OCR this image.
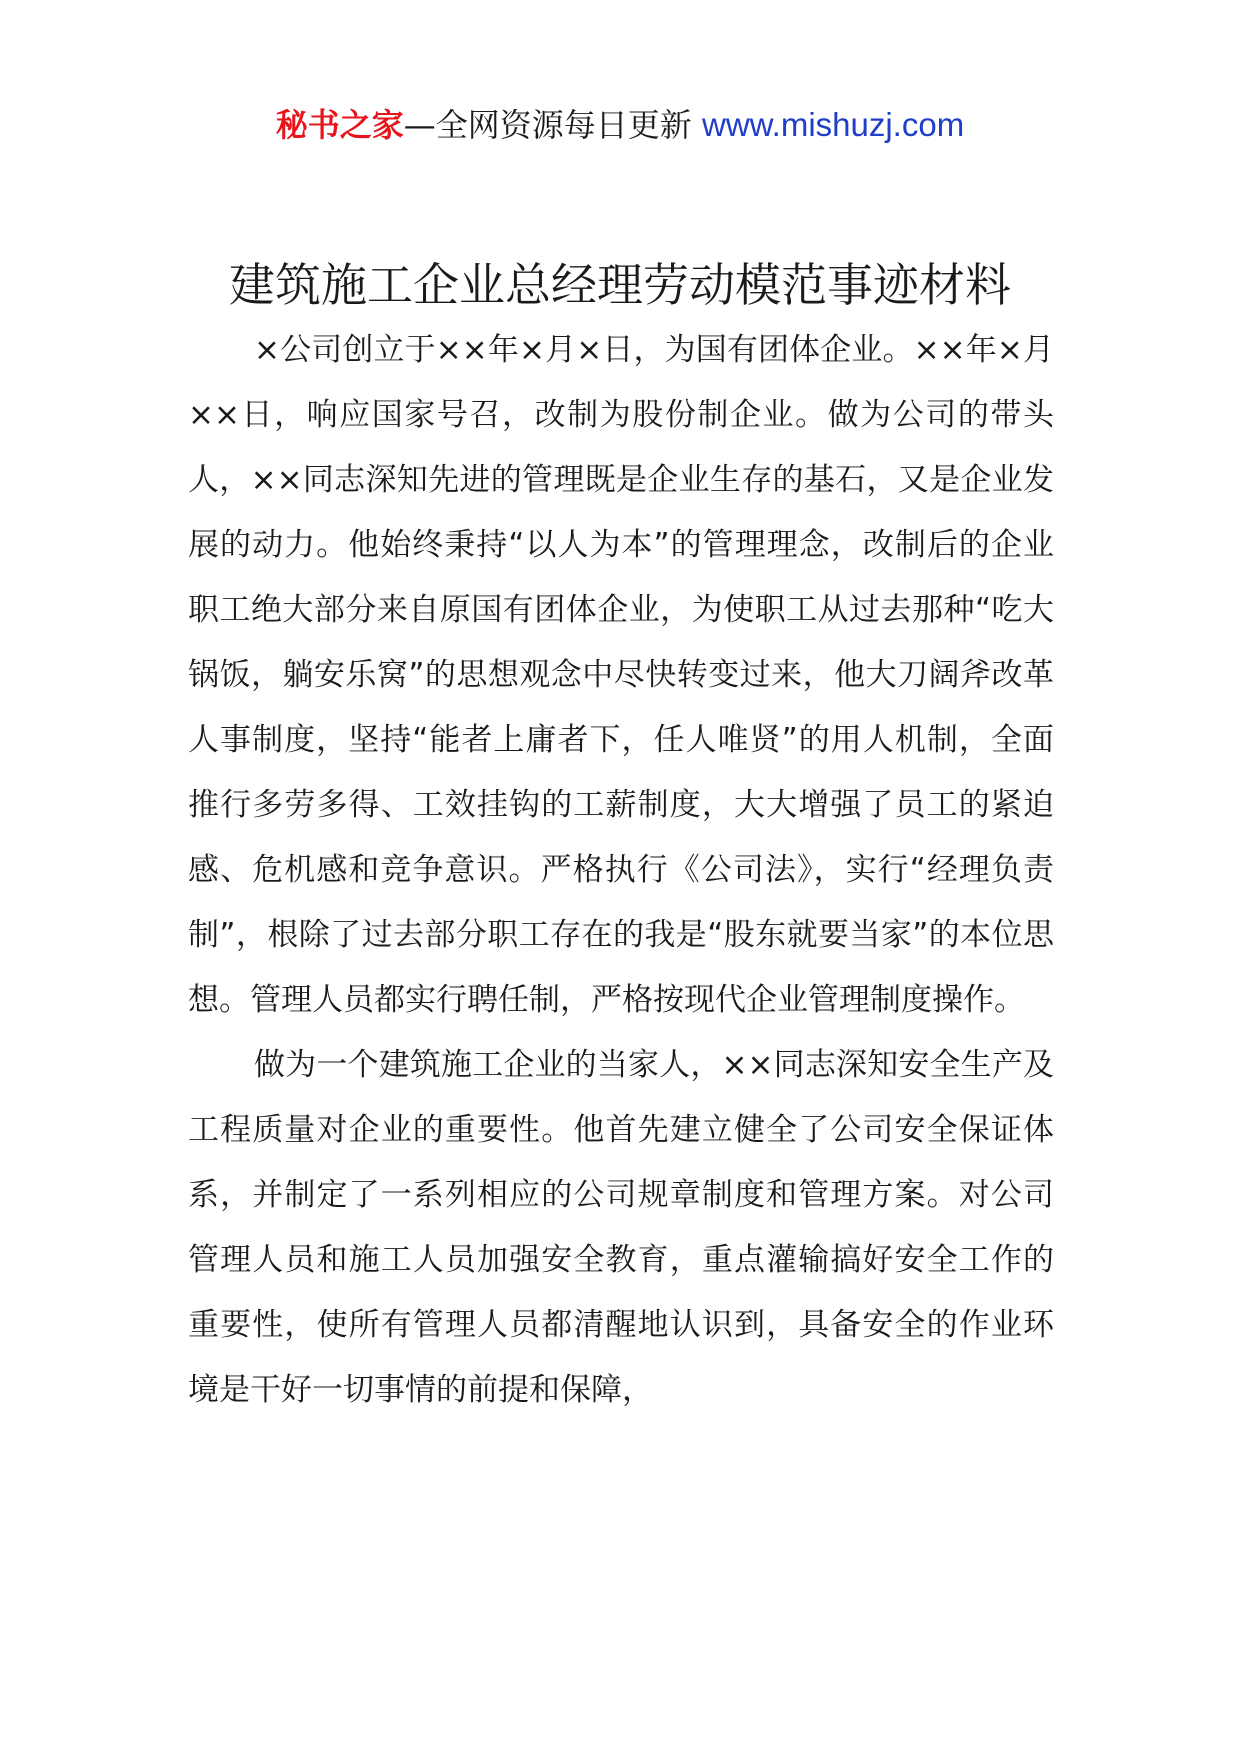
秘书之家—全网资源每日更新 www.mishuzj.com
建筑施工企业总经理劳动模范事迹材料

×公司创立于××年×月×日，为国有团体企业。××年×月××日，响应国家号召，改制为股份制企业。做为公司的带头人，××同志深知先进的管理既是企业生存的基石，又是企业发展的动力。他始终秉持“以人为本”的管理理念，改制后的企业职工绝大部分来自原国有团体企业，为使职工从过去那种“吃大锅饭，躺安乐窝”的思想观念中尽快转变过来，他大刀阔斧改革人事制度，坚持“能者上庸者下，任人唯贤”的用人机制，全面推行多劳多得、工效挂钩的工薪制度，大大增强了员工的紧迫感、危机感和竞争意识。严格执行《公司法》，实行“经理负责制”，根除了过去部分职工存在的我是“股东就要当家”的本位思想。管理人员都实行聘任制，严格按现代企业管理制度操作。

做为一个建筑施工企业的当家人，××同志深知安全生产及工程质量对企业的重要性。他首先建立健全了公司安全保证体系，并制定了一系列相应的公司规章制度和管理方案。对公司管理人员和施工人员加强安全教育，重点灌输搞好安全工作的重要性，使所有管理人员都清醒地认识到，具备安全的作业环境是干好一切事情的前提和保障，
